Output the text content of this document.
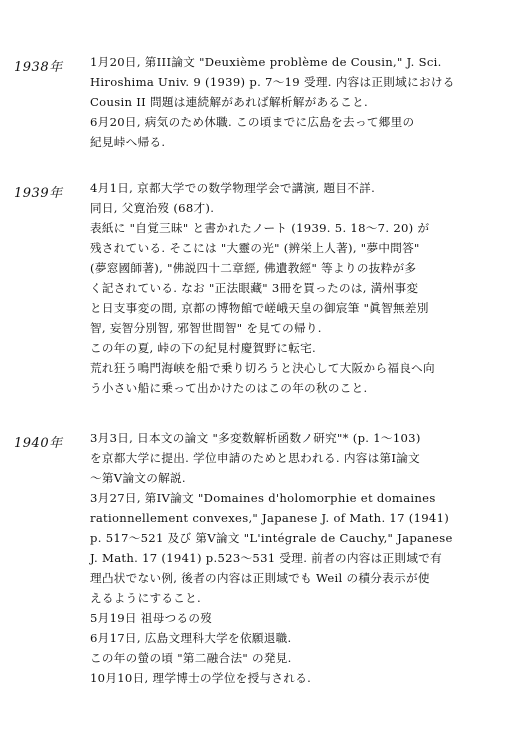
1938年 1月20日, 第III論文 "Deuxième problème de Cousin," J. Sci.
Hiroshima Univ. 9 (1939) p. 7〜19 受理. 内容は正則域における
Cousin II 問題は連続解があれば解析解があること.
6月20日, 病気のため休職. この頃までに広島を去って郷里の
紀見峠へ帰る.
1939年 4月1日, 京都大学での数学物理学会で講演, 題目不詳.
同日, 父寛治歿 (68才).
表紙に "自覚三昧" と書かれたノート (1939. 5. 18〜7. 20) が
残されている. そこには "大靈の光" (辨栄上人著), "夢中問答"
(夢窓國師著), "佛説四十二章經, 佛遺教經" 等よりの抜粋が多
く記されている. なお "正法眼藏" 3冊を買ったのは, 満州事変
と日支事変の間, 京都の博物館で嵯峨天皇の御宸筆 "眞智無差別
智, 妄智分別智, 邪智世間智" を見ての帰り.
この年の夏, 峠の下の紀見村慶賀野に転宅.
荒れ狂う鳴門海峡を船で乗り切ろうと決心して大阪から福良へ向
う小さい船に乗って出かけたのはこの年の秋のこと.
1940年 3月3日, 日本文の論文 "多変数解析函数ノ研究"* (p. 1〜103)
を京都大学に提出. 学位申請のためと思われる. 内容は第I論文
〜第V論文の解説.
3月27日, 第IV論文 "Domaines d'holomorphie et domaines
rationnellement convexes," Japanese J. of Math. 17 (1941)
p. 517〜521 及び 第V論文 "L'intégrale de Cauchy," Japanese
J. Math. 17 (1941) p.523〜531 受理. 前者の内容は正則域で有
理凸状でない例, 後者の内容は正則域でも Weil の積分表示が使
えるようにすること.
5月19日 祖母つるの歿
6月17日, 広島文理科大学を依願退職.
この年の螢の頃 "第二融合法" の発見.
10月10日, 理学博士の学位を授与される.
